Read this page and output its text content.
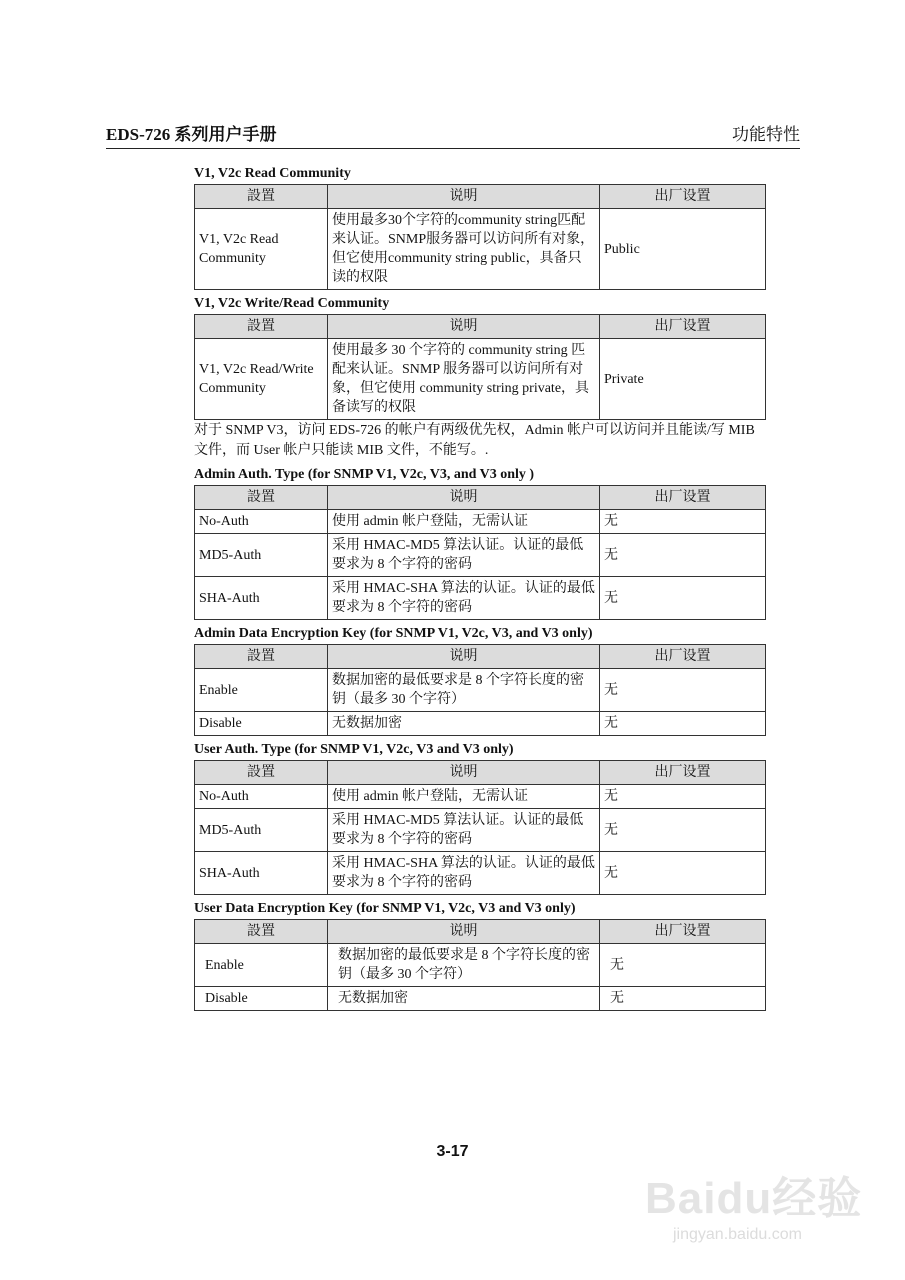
EDS-726 系列用户手册	功能特性

V1, V2c Read Community

設置	说明	出厂设置
V1, V2c Read Community	使用最多30个字符的community string匹配来认证。SNMP服务器可以访问所有对象，但它使用community string public，具备只读的权限	Public

V1, V2c Write/Read Community

設置	说明	出厂设置
V1, V2c Read/Write Community	使用最多 30 个字符的 community string 匹配来认证。SNMP 服务器可以访问所有对象，但它使用 community string private，具备读写的权限	Private

对于 SNMP V3，访问 EDS-726 的帐户有两级优先权，Admin 帐户可以访问并且能读/写 MIB 文件，而 User 帐户只能读 MIB 文件，不能写。.

Admin Auth. Type (for SNMP V1, V2c, V3, and V3 only )

設置	说明	出厂设置
No-Auth	使用 admin 帐户登陆，无需认证	无
MD5-Auth	采用 HMAC-MD5 算法认证。认证的最低要求为 8 个字符的密码	无
SHA-Auth	采用 HMAC-SHA 算法的认证。认证的最低要求为 8 个字符的密码	无

Admin Data Encryption Key (for SNMP V1, V2c, V3, and V3 only)

設置	说明	出厂设置
Enable	数据加密的最低要求是 8 个字符长度的密钥（最多 30 个字符）	无
Disable	无数据加密	无

User Auth. Type (for SNMP V1, V2c, V3 and V3 only)

設置	说明	出厂设置
No-Auth	使用 admin 帐户登陆，无需认证	无
MD5-Auth	采用 HMAC-MD5 算法认证。认证的最低要求为 8 个字符的密码	无
SHA-Auth	采用 HMAC-SHA 算法的认证。认证的最低要求为 8 个字符的密码	无

User Data Encryption Key (for SNMP V1, V2c, V3 and V3 only)

設置	说明	出厂设置
Enable	数据加密的最低要求是 8 个字符长度的密钥（最多 30 个字符）	无
Disable	无数据加密	无
3-17
Baidu经验
jingyan.baidu.com
